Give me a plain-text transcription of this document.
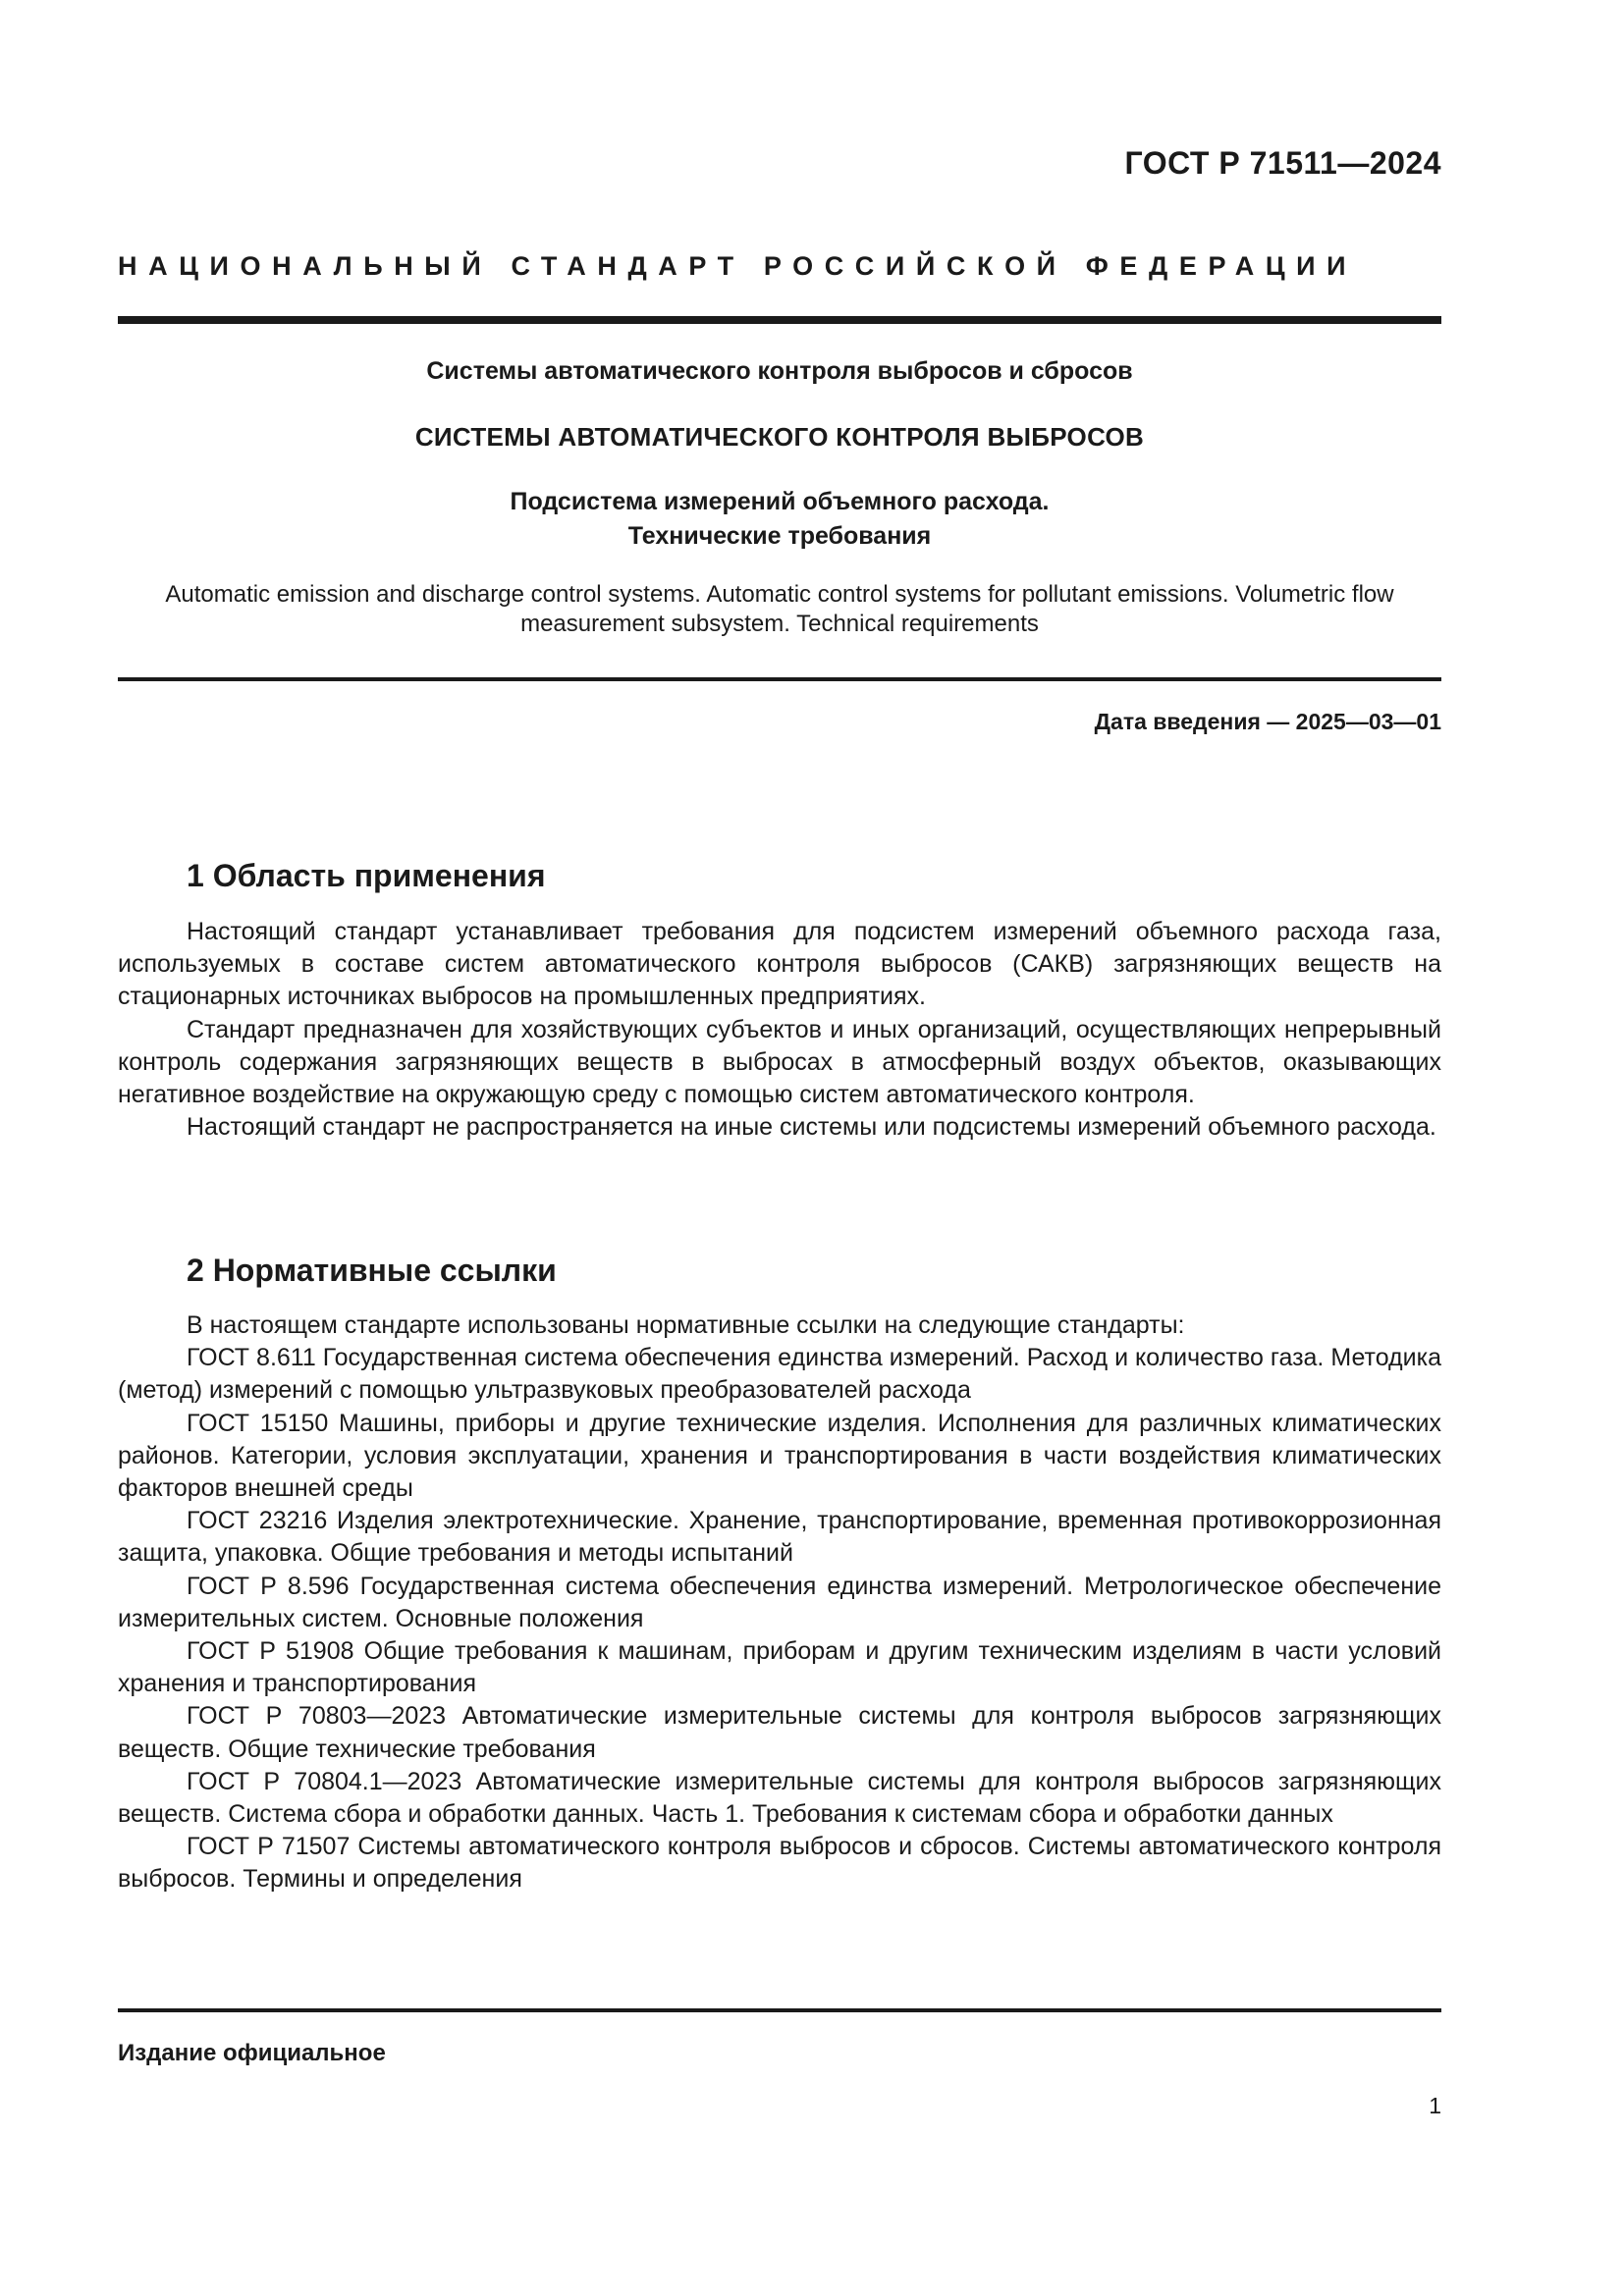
ГОСТ Р 71511—2024
НАЦИОНАЛЬНЫЙ СТАНДАРТ РОССИЙСКОЙ ФЕДЕРАЦИИ
Системы автоматического контроля выбросов и сбросов
СИСТЕМЫ АВТОМАТИЧЕСКОГО КОНТРОЛЯ ВЫБРОСОВ
Подсистема измерений объемного расхода.
Технические требования
Automatic emission and discharge control systems. Automatic control systems for pollutant emissions. Volumetric flow
measurement subsystem. Technical requirements
Дата введения — 2025—03—01
1 Область применения

Настоящий стандарт устанавливает требования для подсистем измерений объемного расхода газа, используемых в составе систем автоматического контроля выбросов (САКВ) загрязняющих веществ на стационарных источниках выбросов на промышленных предприятиях.

Стандарт предназначен для хозяйствующих субъектов и иных организаций, осуществляющих непрерывный контроль содержания загрязняющих веществ в выбросах в атмосферный воздух объектов, оказывающих негативное воздействие на окружающую среду с помощью систем автоматического контроля.

Настоящий стандарт не распространяется на иные системы или подсистемы измерений объемного расхода.

2 Нормативные ссылки

В настоящем стандарте использованы нормативные ссылки на следующие стандарты:

ГОСТ 8.611 Государственная система обеспечения единства измерений. Расход и количество газа. Методика (метод) измерений с помощью ультразвуковых преобразователей расхода

ГОСТ 15150 Машины, приборы и другие технические изделия. Исполнения для различных климатических районов. Категории, условия эксплуатации, хранения и транспортирования в части воздействия климатических факторов внешней среды

ГОСТ 23216 Изделия электротехнические. Хранение, транспортирование, временная противокоррозионная защита, упаковка. Общие требования и методы испытаний

ГОСТ Р 8.596 Государственная система обеспечения единства измерений. Метрологическое обеспечение измерительных систем. Основные положения

ГОСТ Р 51908 Общие требования к машинам, приборам и другим техническим изделиям в части условий хранения и транспортирования

ГОСТ Р 70803—2023 Автоматические измерительные системы для контроля выбросов загрязняющих веществ. Общие технические требования

ГОСТ Р 70804.1—2023 Автоматические измерительные системы для контроля выбросов загрязняющих веществ. Система сбора и обработки данных. Часть 1. Требования к системам сбора и обработки данных

ГОСТ Р 71507 Системы автоматического контроля выбросов и сбросов. Системы автоматического контроля выбросов. Термины и определения

Издание официальное
1
